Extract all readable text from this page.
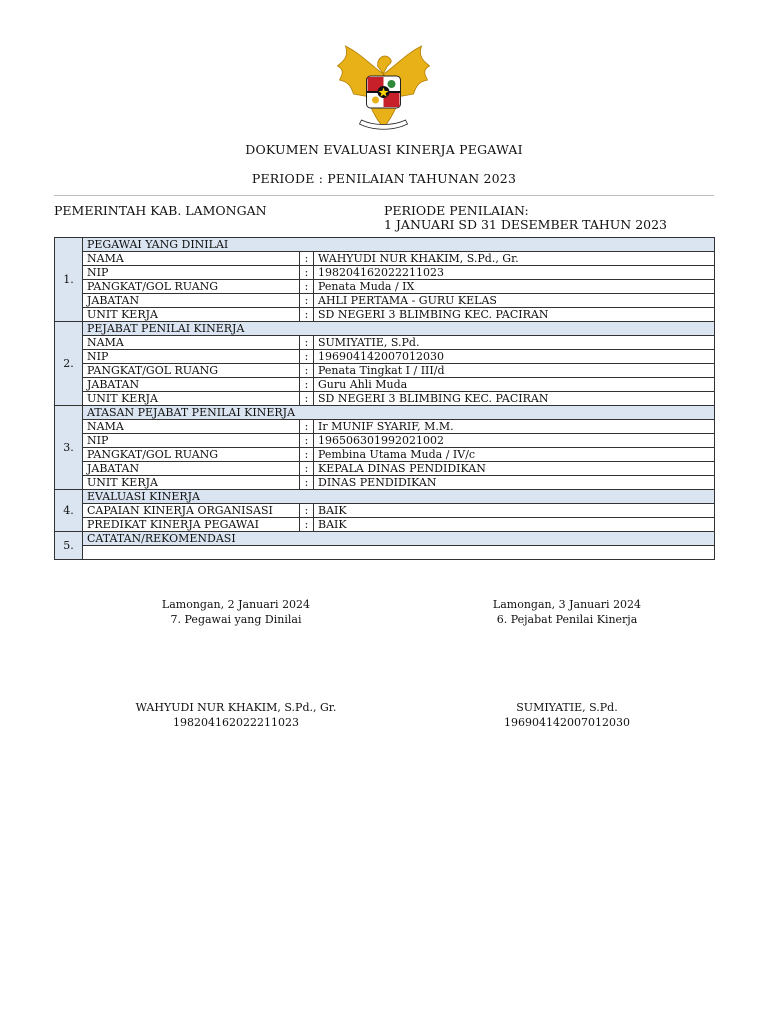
DOKUMEN EVALUASI KINERJA PEGAWAI
PERIODE : PENILAIAN TAHUNAN 2023
PEMERINTAH KAB. LAMONGAN	PERIODE PENILAIAN:
1 JANUARI SD 31 DESEMBER TAHUN 2023
1.	PEGAWAI YANG DINILAI		
	NAMA	:	WAHYUDI NUR KHAKIM, S.Pd., Gr.
	NIP	:	198204162022211023
	PANGKAT/GOL RUANG	:	Penata Muda / IX
	JABATAN	:	AHLI PERTAMA - GURU KELAS
	UNIT KERJA	:	SD NEGERI 3 BLIMBING KEC. PACIRAN
2.	PEJABAT PENILAI KINERJA		
	NAMA	:	SUMIYATIE, S.Pd.
	NIP	:	196904142007012030
	PANGKAT/GOL RUANG	:	Penata Tingkat I / III/d
	JABATAN	:	Guru Ahli Muda
	UNIT KERJA	:	SD NEGERI 3 BLIMBING KEC. PACIRAN
3.	ATASAN PEJABAT PENILAI KINERJA		
	NAMA	:	Ir MUNIF SYARIF, M.M.
	NIP	:	196506301992021002
	PANGKAT/GOL RUANG	:	Pembina Utama Muda / IV/c
	JABATAN	:	KEPALA DINAS PENDIDIKAN
	UNIT KERJA	:	DINAS PENDIDIKAN
4.	EVALUASI KINERJA		
	CAPAIAN KINERJA ORGANISASI	:	BAIK
	PREDIKAT KINERJA PEGAWAI	:	BAIK
5.	CATATAN/REKOMENDASI		

Lamongan, 2 Januari 2024
7. Pegawai yang Dinilai
WAHYUDI NUR KHAKIM, S.Pd., Gr.
198204162022211023
Lamongan, 3 Januari 2024
6. Pejabat Penilai Kinerja
SUMIYATIE, S.Pd.
196904142007012030
